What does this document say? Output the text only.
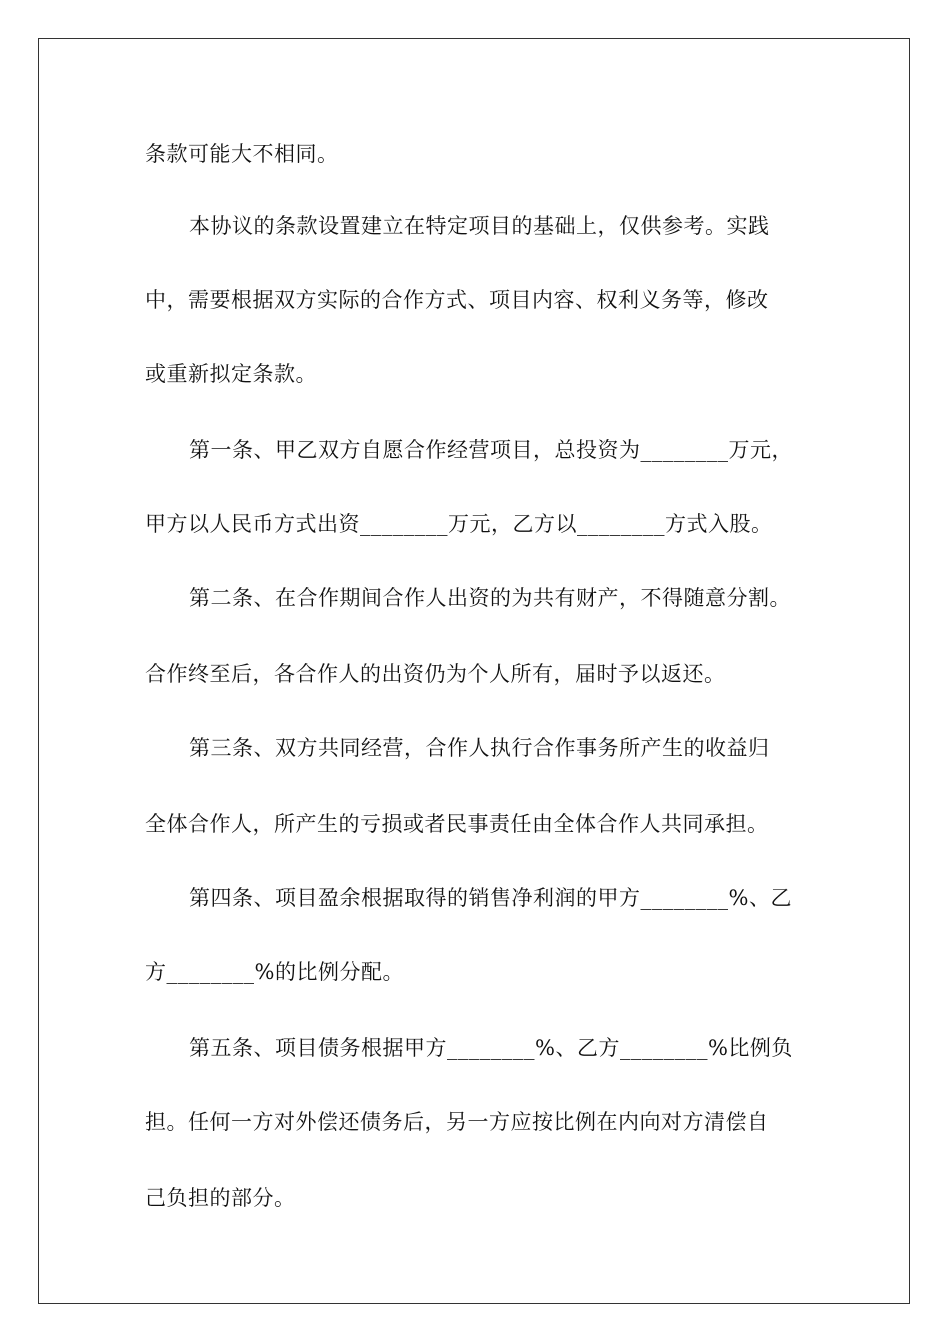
条款可能大不相同。
本协议的条款设置建立在特定项目的基础上，仅供参考。实践
中，需要根据双方实际的合作方式、项目内容、权利义务等，修改
或重新拟定条款。
第一条、甲乙双方自愿合作经营项目，总投资为________万元，
甲方以人民币方式出资________万元，乙方以________方式入股。
第二条、在合作期间合作人出资的为共有财产，不得随意分割。
合作终至后，各合作人的出资仍为个人所有，届时予以返还。
第三条、双方共同经营，合作人执行合作事务所产生的收益归
全体合作人，所产生的亏损或者民事责任由全体合作人共同承担。
第四条、项目盈余根据取得的销售净利润的甲方________%、乙
方________%的比例分配。
第五条、项目债务根据甲方________%、乙方________%比例负
担。任何一方对外偿还债务后，另一方应按比例在内向对方清偿自
己负担的部分。
